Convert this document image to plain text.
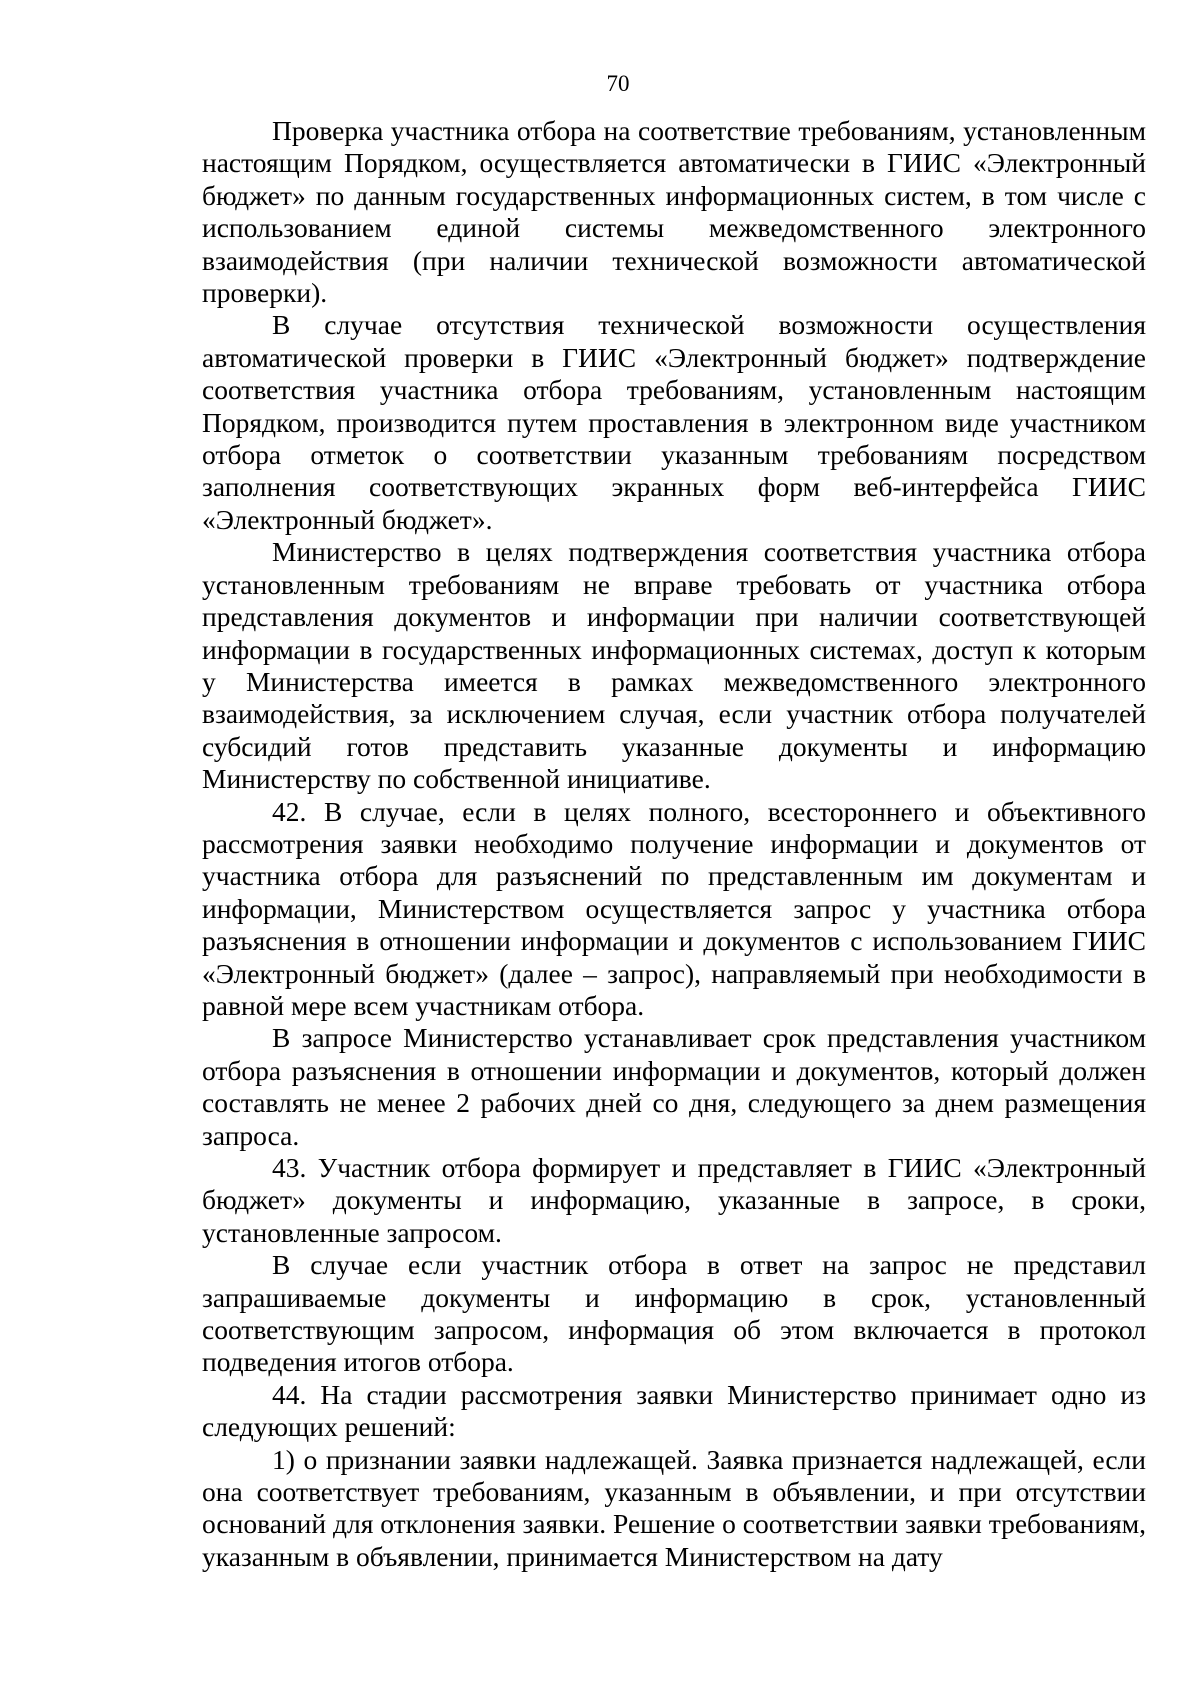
70

Проверка участника отбора на соответствие требованиям, установленным настоящим Порядком, осуществляется автоматически в ГИИС «Электронный бюджет» по данным государственных информационных систем, в том числе с использованием единой системы межведомственного электронного взаимодействия (при наличии технической возможности автоматической проверки).

В случае отсутствия технической возможности осуществления автоматической проверки в ГИИС «Электронный бюджет» подтверждение соответствия участника отбора требованиям, установленным настоящим Порядком, производится путем проставления в электронном виде участником отбора отметок о соответствии указанным требованиям посредством заполнения соответствующих экранных форм веб-интерфейса ГИИС «Электронный бюджет».

Министерство в целях подтверждения соответствия участника отбора установленным требованиям не вправе требовать от участника отбора представления документов и информации при наличии соответствующей информации в государственных информационных системах, доступ к которым у Министерства имеется в рамках межведомственного электронного взаимодействия, за исключением случая, если участник отбора получателей субсидий готов представить указанные документы и информацию Министерству по собственной инициативе.

42. В случае, если в целях полного, всестороннего и объективного рассмотрения заявки необходимо получение информации и документов от участника отбора для разъяснений по представленным им документам и информации, Министерством осуществляется запрос у участника отбора разъяснения в отношении информации и документов с использованием ГИИС «Электронный бюджет» (далее – запрос), направляемый при необходимости в равной мере всем участникам отбора.

В запросе Министерство устанавливает срок представления участником отбора разъяснения в отношении информации и документов, который должен составлять не менее 2 рабочих дней со дня, следующего за днем размещения запроса.

43. Участник отбора формирует и представляет в ГИИС «Электронный бюджет» документы и информацию, указанные в запросе, в сроки, установленные запросом.

В случае если участник отбора в ответ на запрос не представил запрашиваемые документы и информацию в срок, установленный соответствующим запросом, информация об этом включается в протокол подведения итогов отбора.

44. На стадии рассмотрения заявки Министерство принимает одно из следующих решений:

1) о признании заявки надлежащей. Заявка признается надлежащей, если она соответствует требованиям, указанным в объявлении, и при отсутствии оснований для отклонения заявки. Решение о соответствии заявки требованиям, указанным в объявлении, принимается Министерством на дату
